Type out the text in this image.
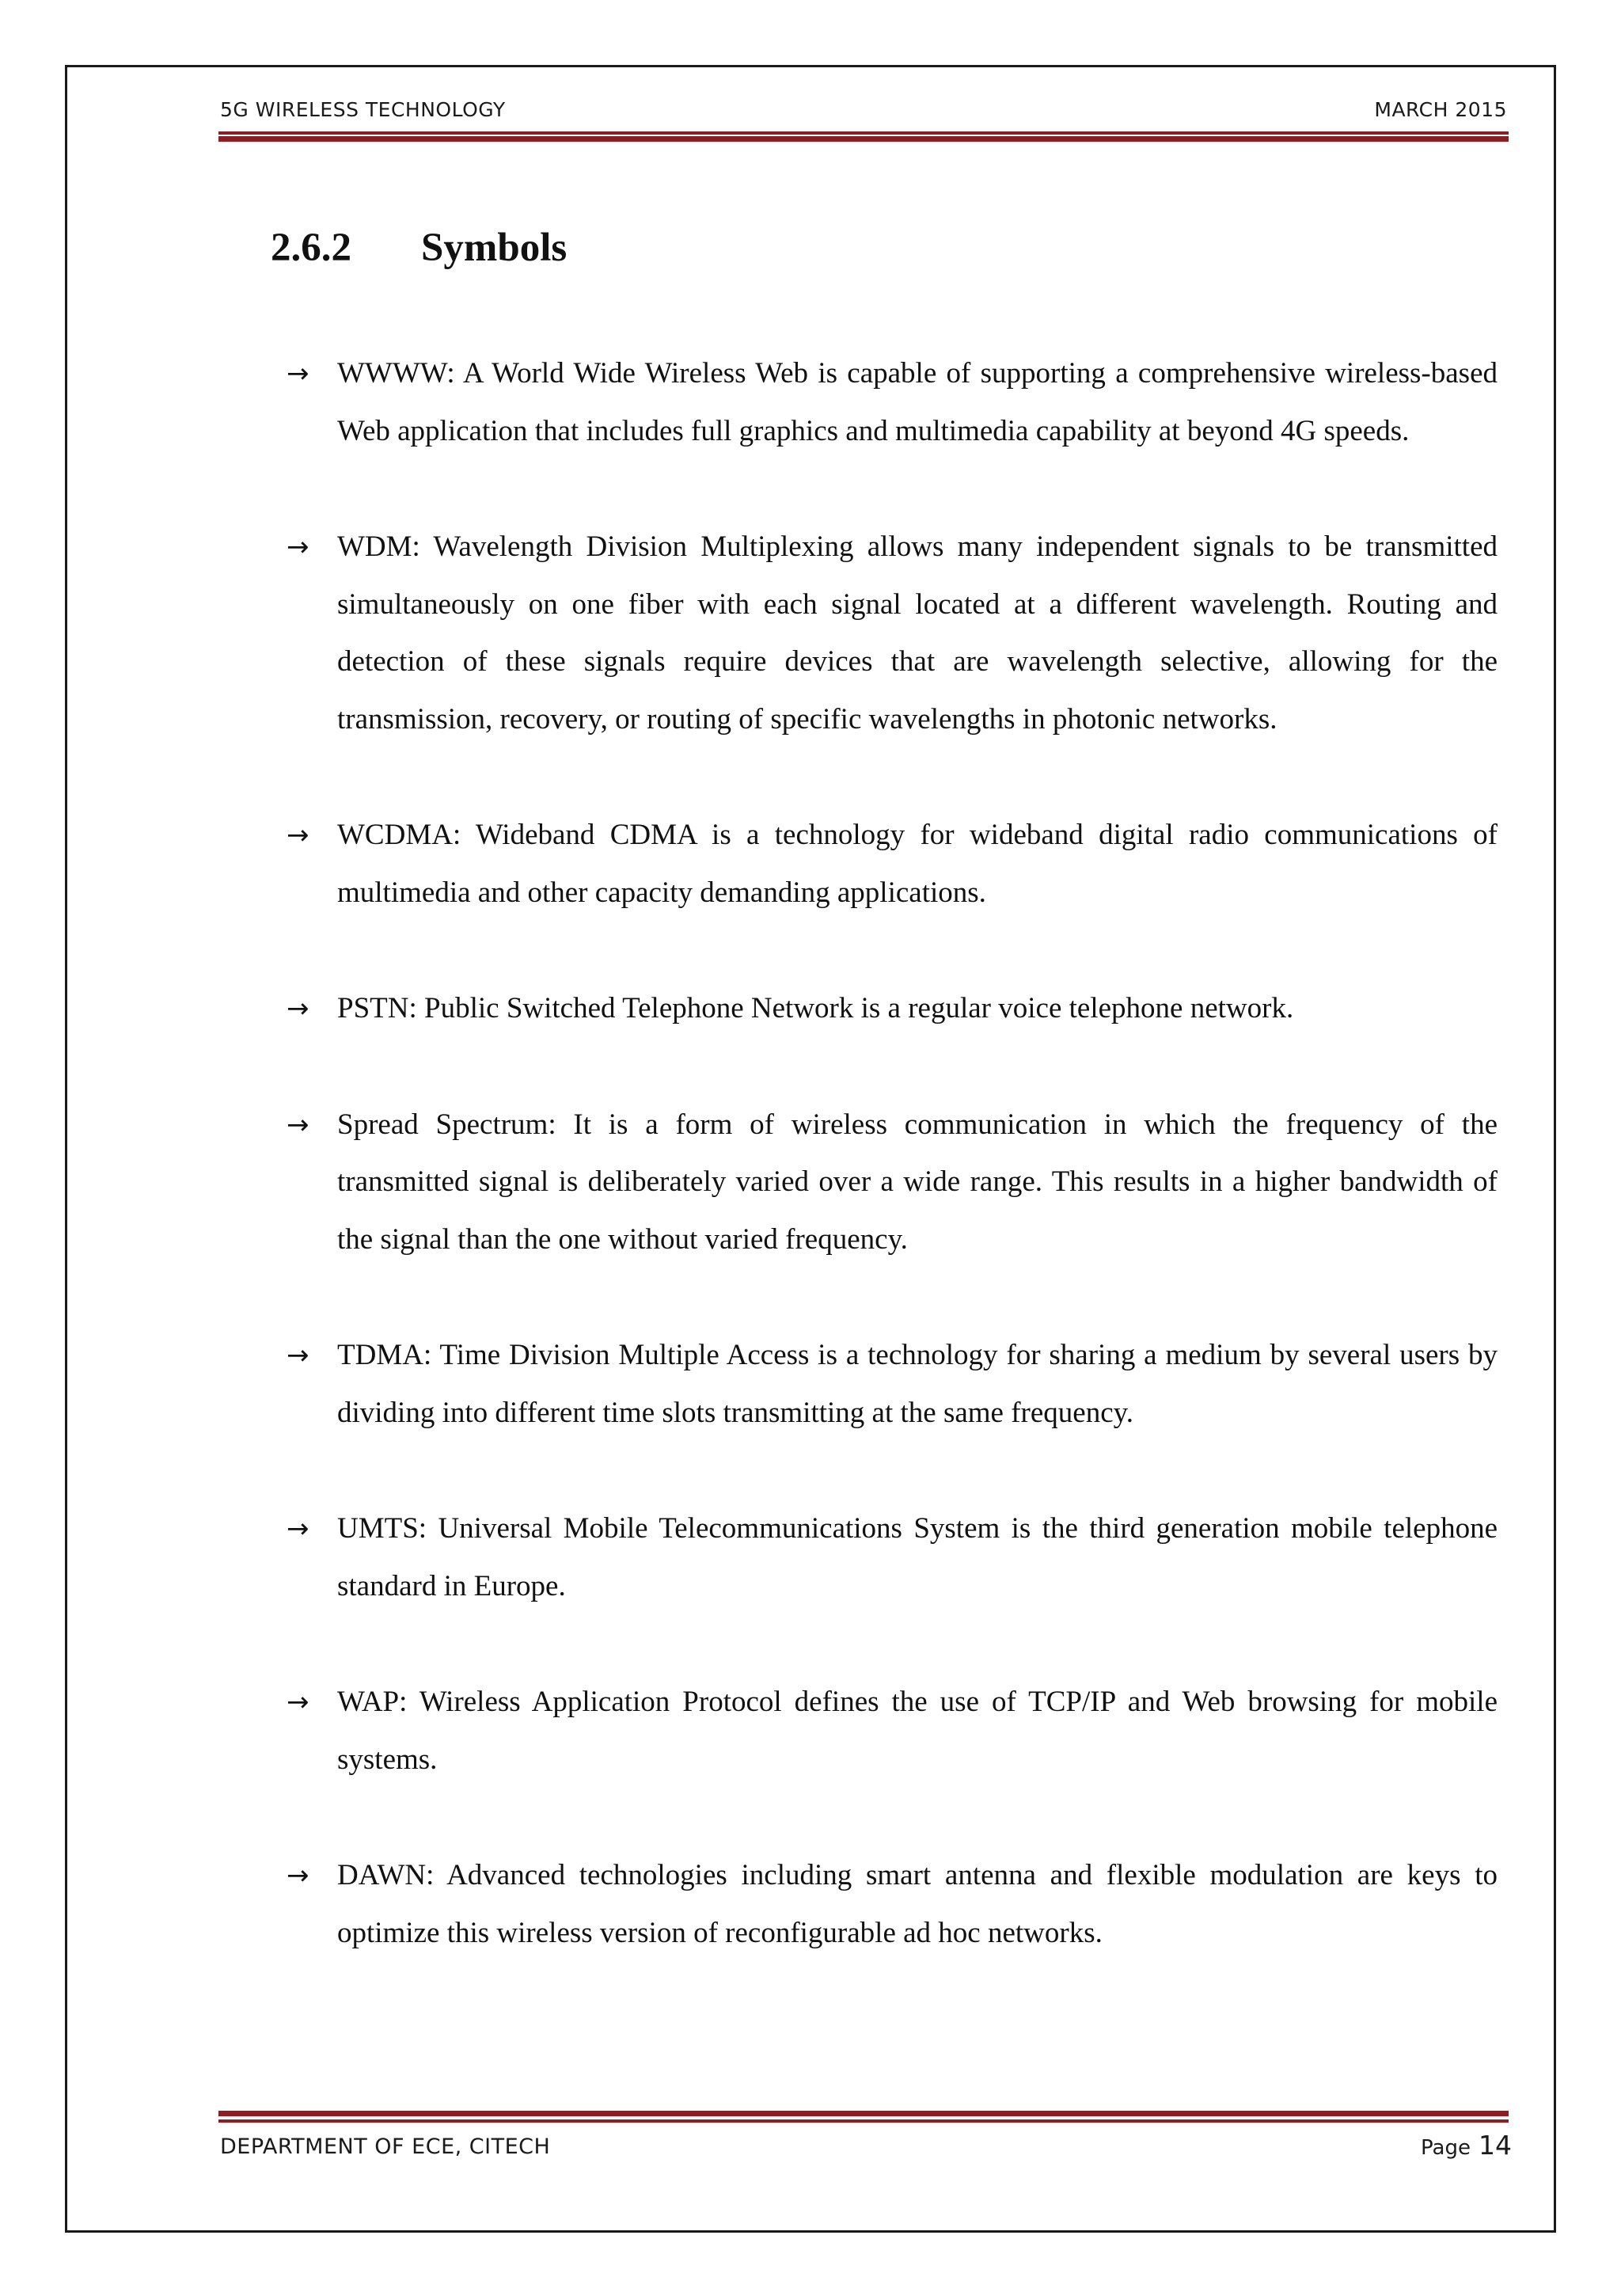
5G WIRELESS TECHNOLOGY	MARCH 2015
2.6.2 Symbols
→ WWWW: A World Wide Wireless Web is capable of supporting a comprehensive wireless-based Web application that includes full graphics and multimedia capability at beyond 4G speeds.

→ WDM: Wavelength Division Multiplexing allows many independent signals to be transmitted simultaneously on one fiber with each signal located at a different wavelength. Routing and detection of these signals require devices that are wavelength selective, allowing for the transmission, recovery, or routing of specific wavelengths in photonic networks.

→ WCDMA: Wideband CDMA is a technology for wideband digital radio communications of multimedia and other capacity demanding applications.

→ PSTN: Public Switched Telephone Network is a regular voice telephone network.

→ Spread Spectrum: It is a form of wireless communication in which the frequency of the transmitted signal is deliberately varied over a wide range. This results in a higher bandwidth of the signal than the one without varied frequency.

→ TDMA: Time Division Multiple Access is a technology for sharing a medium by several users by dividing into different time slots transmitting at the same frequency.

→ UMTS: Universal Mobile Telecommunications System is the third generation mobile telephone standard in Europe.

→ WAP: Wireless Application Protocol defines the use of TCP/IP and Web browsing for mobile systems.

→ DAWN: Advanced technologies including smart antenna and flexible modulation are keys to optimize this wireless version of reconfigurable ad hoc networks.

DEPARTMENT OF ECE, CITECH	Page 14
